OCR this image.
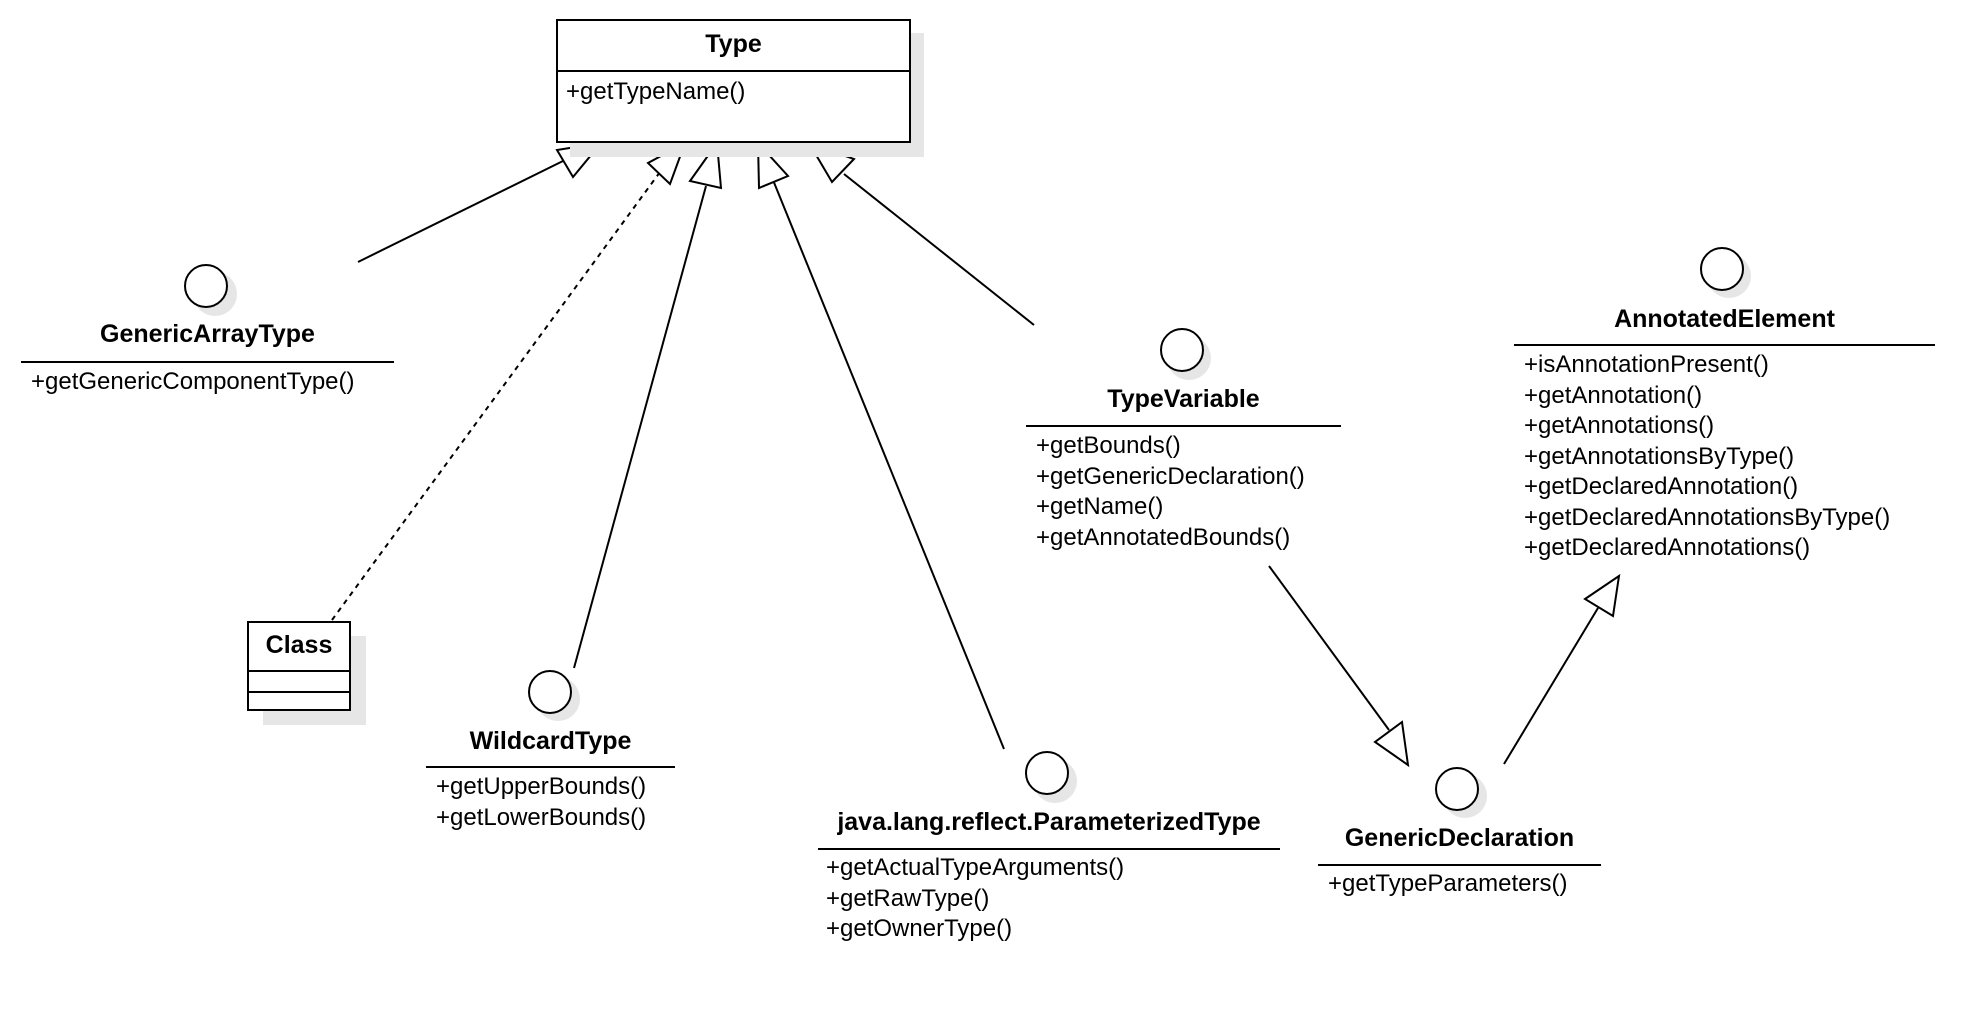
Type
+getTypeName()
GenericArrayType
+getGenericComponentType()
Class
WildcardType
+getUpperBounds()
+getLowerBounds()	java.lang.reflect.ParameterizedType
+getActualTypeArguments()
+getRawType()
+getOwnerType()
TypeVariable
+getBounds()
+getGenericDeclaration()
+getName()
+getAnnotatedBounds()
GenericDeclaration
+getTypeParameters()
AnnotatedElement
+isAnnotationPresent()
+getAnnotation()
+getAnnotations()
+getAnnotationsByType()
+getDeclaredAnnotation()
+getDeclaredAnnotationsByType()
+getDeclaredAnnotations()
